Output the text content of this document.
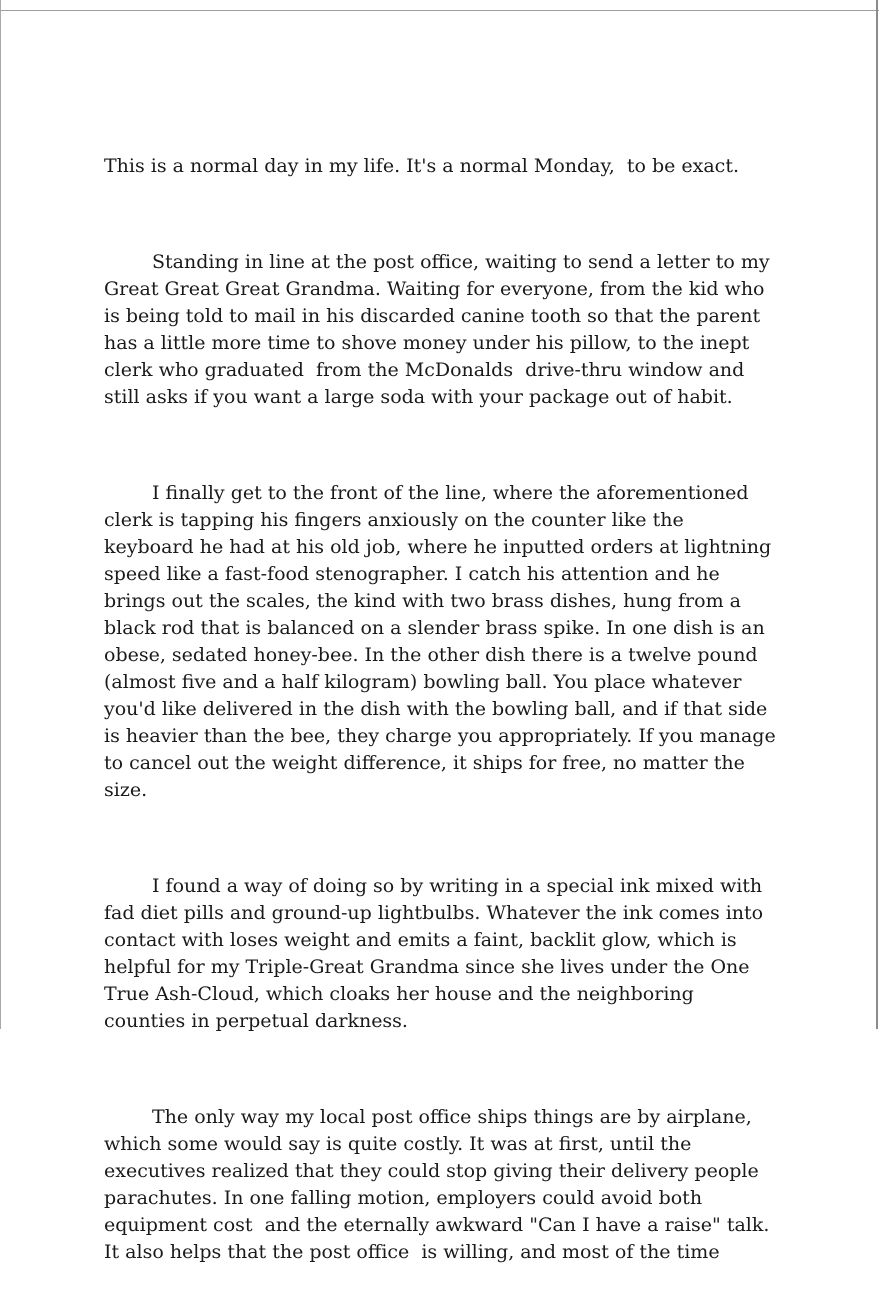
This is a normal day in my life. It's a normal Monday,  to be exact.

Standing in line at the post office, waiting to send a letter to my Great Great Great Grandma. Waiting for everyone, from the kid who is being told to mail in his discarded canine tooth so that the parent has a little more time to shove money under his pillow, to the inept clerk who graduated  from the McDonalds  drive-thru window and still asks if you want a large soda with your package out of habit.

I finally get to the front of the line, where the aforementioned clerk is tapping his fingers anxiously on the counter like the keyboard he had at his old job, where he inputted orders at lightning speed like a fast-food stenographer. I catch his attention and he brings out the scales, the kind with two brass dishes, hung from a black rod that is balanced on a slender brass spike. In one dish is an obese, sedated honey-bee. In the other dish there is a twelve pound (almost five and a half kilogram) bowling ball. You place whatever you'd like delivered in the dish with the bowling ball, and if that side is heavier than the bee, they charge you appropriately. If you manage to cancel out the weight difference, it ships for free, no matter the size.

I found a way of doing so by writing in a special ink mixed with fad diet pills and ground-up lightbulbs. Whatever the ink comes into contact with loses weight and emits a faint, backlit glow, which is helpful for my Triple-Great Grandma since she lives under the One True Ash-Cloud, which cloaks her house and the neighboring counties in perpetual darkness.

The only way my local post office ships things are by airplane, which some would say is quite costly. It was at first, until the executives realized that they could stop giving their delivery people parachutes. In one falling motion, employers could avoid both equipment cost  and the eternally awkward "Can I have a raise" talk. It also helps that the post office  is willing, and most of the time
